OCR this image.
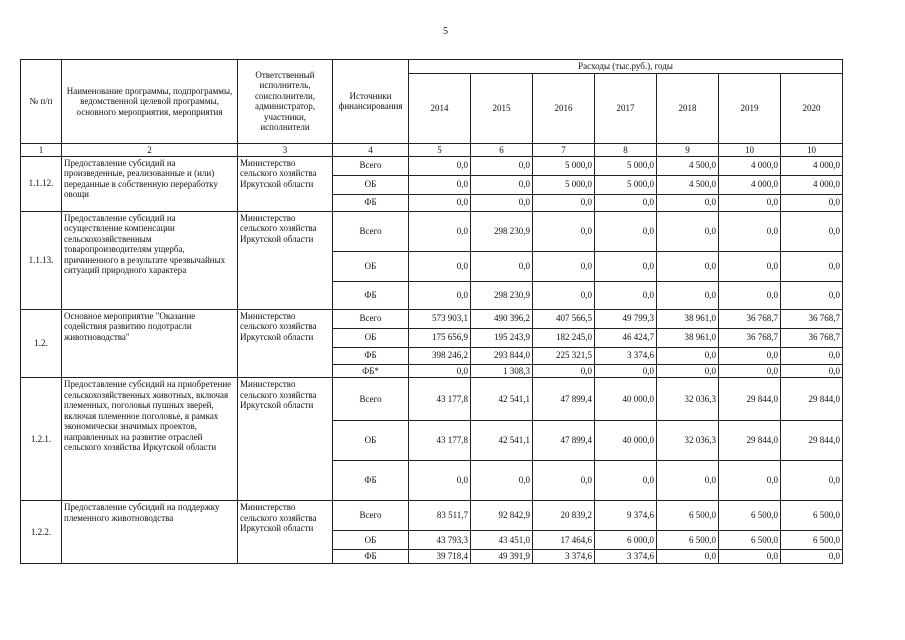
5
№ п/п	Наименование программы, подпрограммы, ведомственной целевой программы, основного мероприятия, мероприятия	Ответственный исполнитель, соисполнители, администратор, участники, исполнители	Источники финансирования	Расходы (тыс.руб.), годы						
				2014	2015	2016	2017	2018	2019	2020
1	2	3	4	5	6	7	8	9	10	10
1.1.12.	Предоставление субсидий на произведенные, реализованные и (или) переданные в собственную переработку овощи	Министерство сельского хозяйства Иркутской области	Всего	0,0	0,0	5 000,0	5 000,0	4 500,0	4 000,0	4 000,0
			ОБ	0,0	0,0	5 000,0	5 000,0	4 500,0	4 000,0	4 000,0
			ФБ	0,0	0,0	0,0	0,0	0,0	0,0	0,0
1.1.13.	Предоставление субсидий на осуществление компенсации сельскохозяйственным товаропроизводителям ущерба, причиненного в результате чрезвычайных ситуаций природного характера	Министерство сельского хозяйства Иркутской области	Всего	0,0	298 230,9	0,0	0,0	0,0	0,0	0,0
			ОБ	0,0	0,0	0,0	0,0	0,0	0,0	0,0
			ФБ	0,0	298 230,9	0,0	0,0	0,0	0,0	0,0
1.2.	Основное мероприятие "Оказание содействия развитию подотрасли животноводства"	Министерство сельского хозяйства Иркутской области	Всего	573 903,1	490 396,2	407 566,5	49 799,3	38 961,0	36 768,7	36 768,7
			ОБ	175 656,9	195 243,9	182 245,0	46 424,7	38 961,0	36 768,7	36 768,7
			ФБ	398 246,2	293 844,0	225 321,5	3 374,6	0,0	0,0	0,0
			ФБ*	0,0	1 308,3	0,0	0,0	0,0	0,0	0,0
1.2.1.	Предоставление субсидий на приобретение сельскохозяйственных животных, включая племенных, поголовья пушных зверей, включая племенное поголовье, в рамках экономически значимых проектов, направленных на развитие отраслей сельского хозяйства Иркутской области	Министерство сельского хозяйства Иркутской области	Всего	43 177,8	42 541,1	47 899,4	40 000,0	32 036,3	29 844,0	29 844,0
			ОБ	43 177,8	42 541,1	47 899,4	40 000,0	32 036,3	29 844,0	29 844,0
			ФБ	0,0	0,0	0,0	0,0	0,0	0,0	0,0
1.2.2.	Предоставление субсидий на поддержку племенного животноводства	Министерство сельского хозяйства Иркутской области	Всего	83 511,7	92 842,9	20 839,2	9 374,6	6 500,0	6 500,0	6 500,0
			ОБ	43 793,3	43 451,0	17 464,6	6 000,0	6 500,0	6 500,0	6 500,0
			ФБ	39 718,4	49 391,9	3 374,6	3 374,6	0,0	0,0	0,0
